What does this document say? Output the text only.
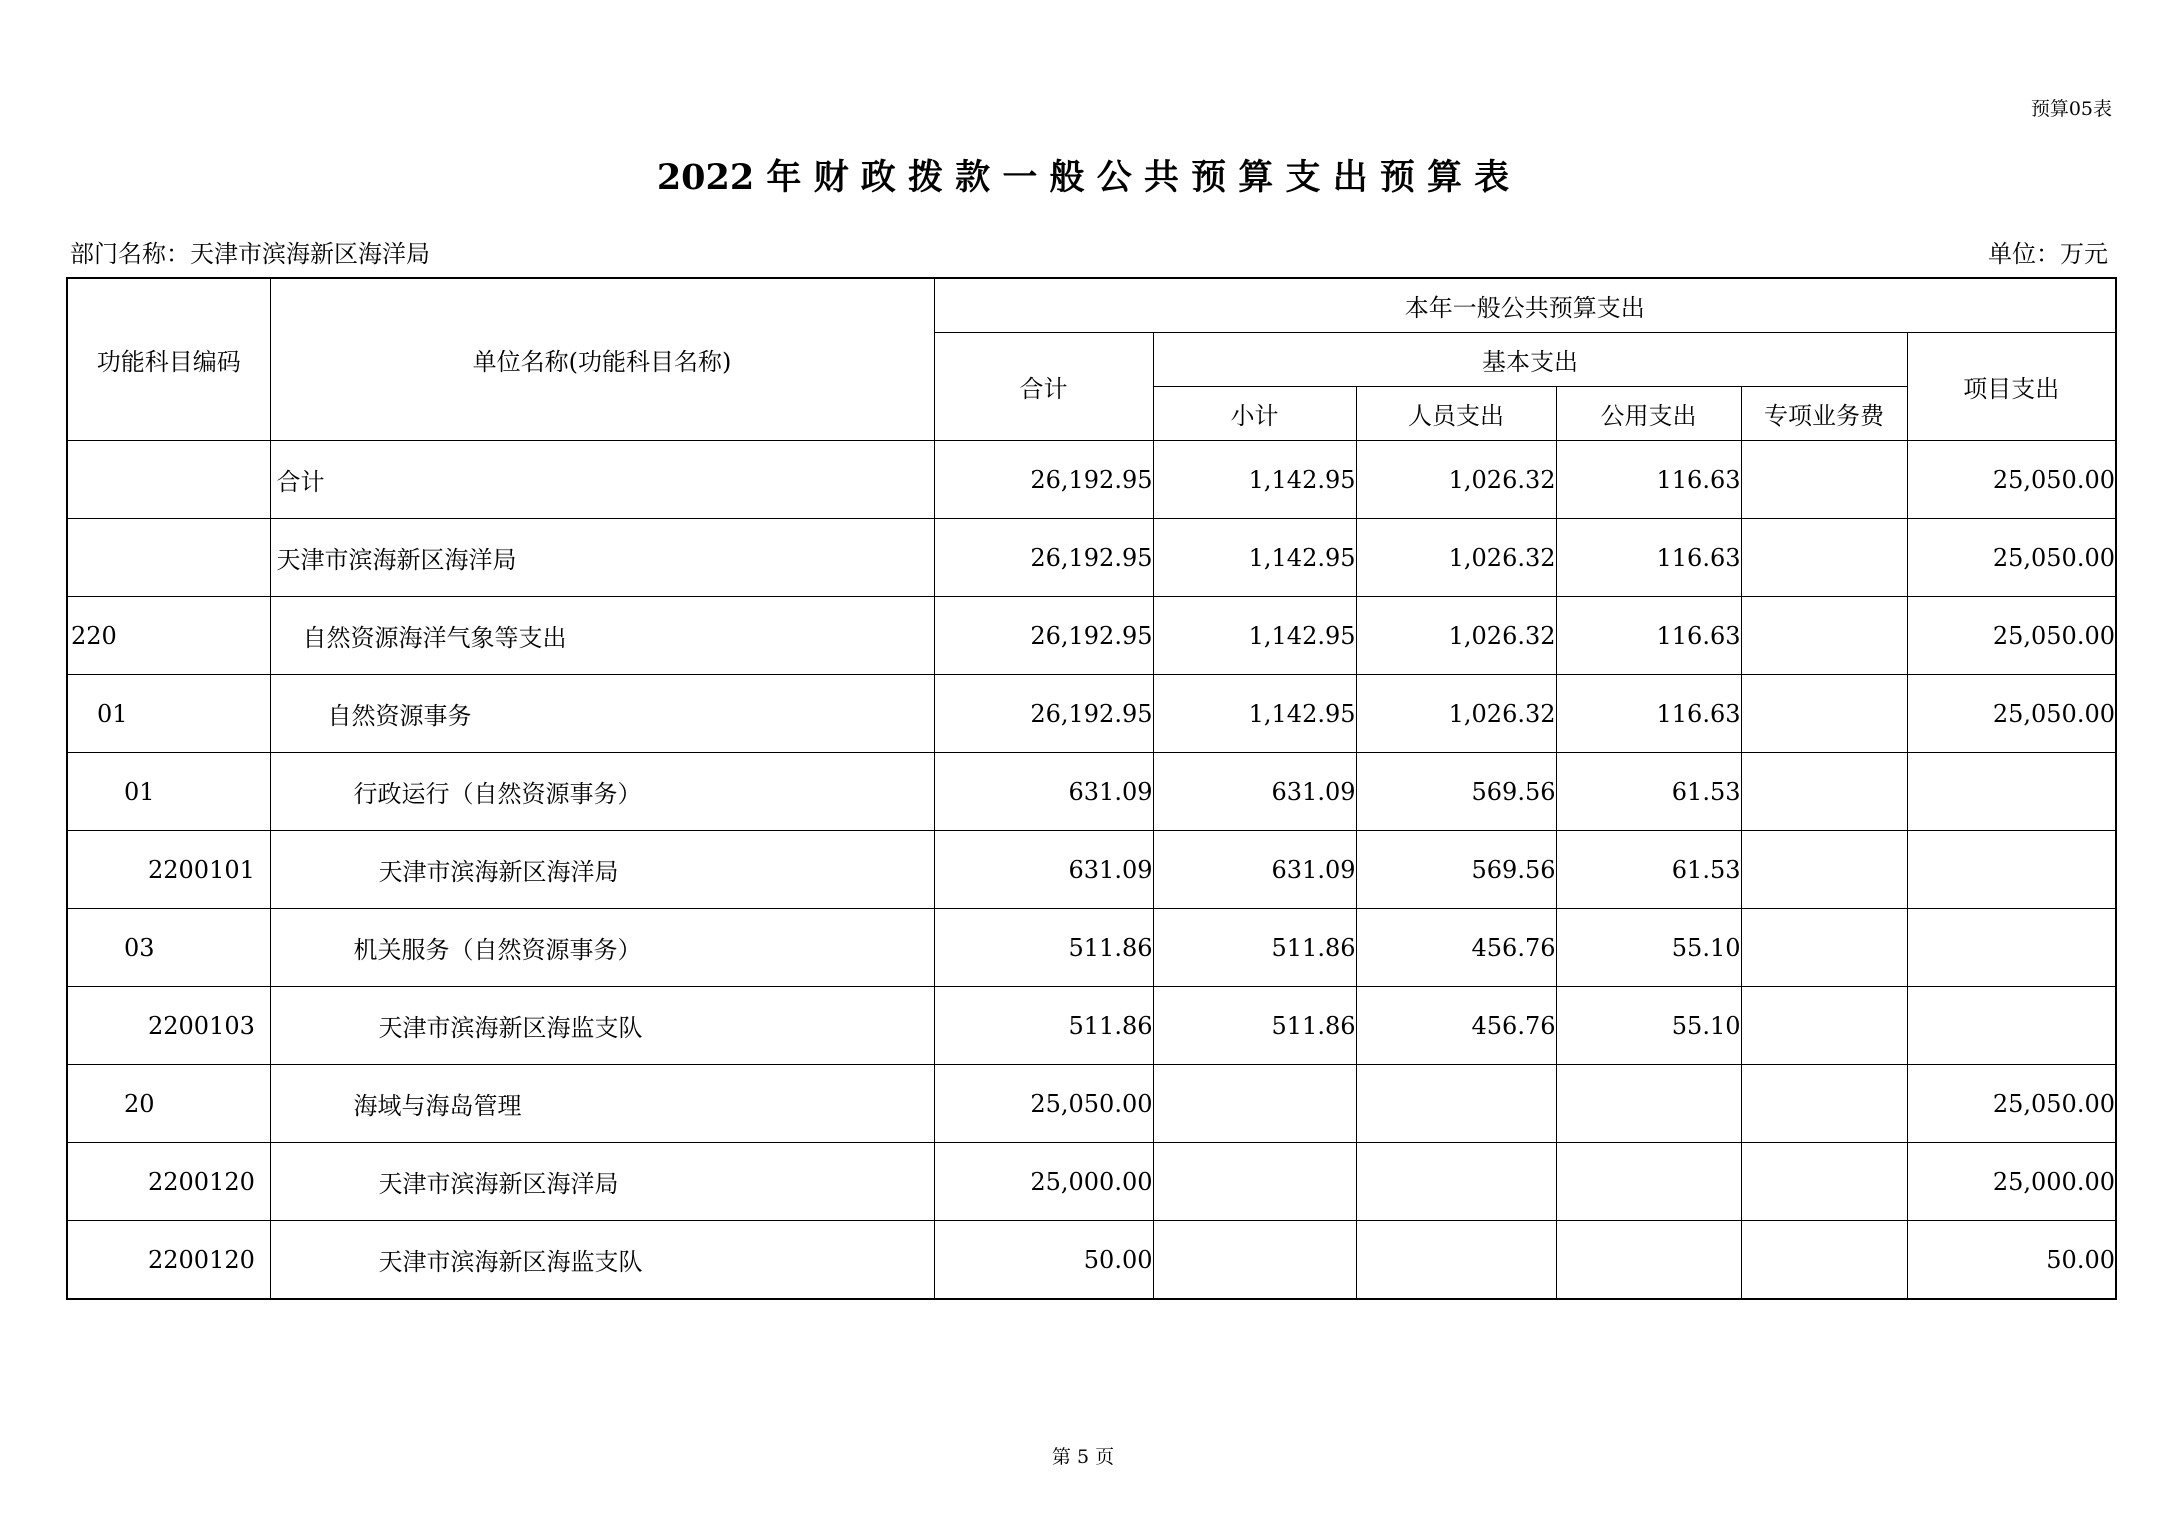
预算05表
2022 年 财 政 拨 款 一 般 公 共 预 算 支 出 预 算 表
部门名称：天津市滨海新区海洋局	单位：万元
功能科目编码	单位名称(功能科目名称)	本年一般公共预算支出					
		合计	基本支出				项目支出
			小计	人员支出	公用支出	专项业务费	
	合计	26,192.95	1,142.95	1,026.32	116.63		25,050.00
	天津市滨海新区海洋局	26,192.95	1,142.95	1,026.32	116.63		25,050.00
220	自然资源海洋气象等支出	26,192.95	1,142.95	1,026.32	116.63		25,050.00
01	自然资源事务	26,192.95	1,142.95	1,026.32	116.63		25,050.00
01	行政运行（自然资源事务）	631.09	631.09	569.56	61.53		
2200101	天津市滨海新区海洋局	631.09	631.09	569.56	61.53		
03	机关服务（自然资源事务）	511.86	511.86	456.76	55.10		
2200103	天津市滨海新区海监支队	511.86	511.86	456.76	55.10		
20	海域与海岛管理	25,050.00					25,050.00
2200120	天津市滨海新区海洋局	25,000.00					25,000.00
2200120	天津市滨海新区海监支队	50.00					50.00
第 5 页
